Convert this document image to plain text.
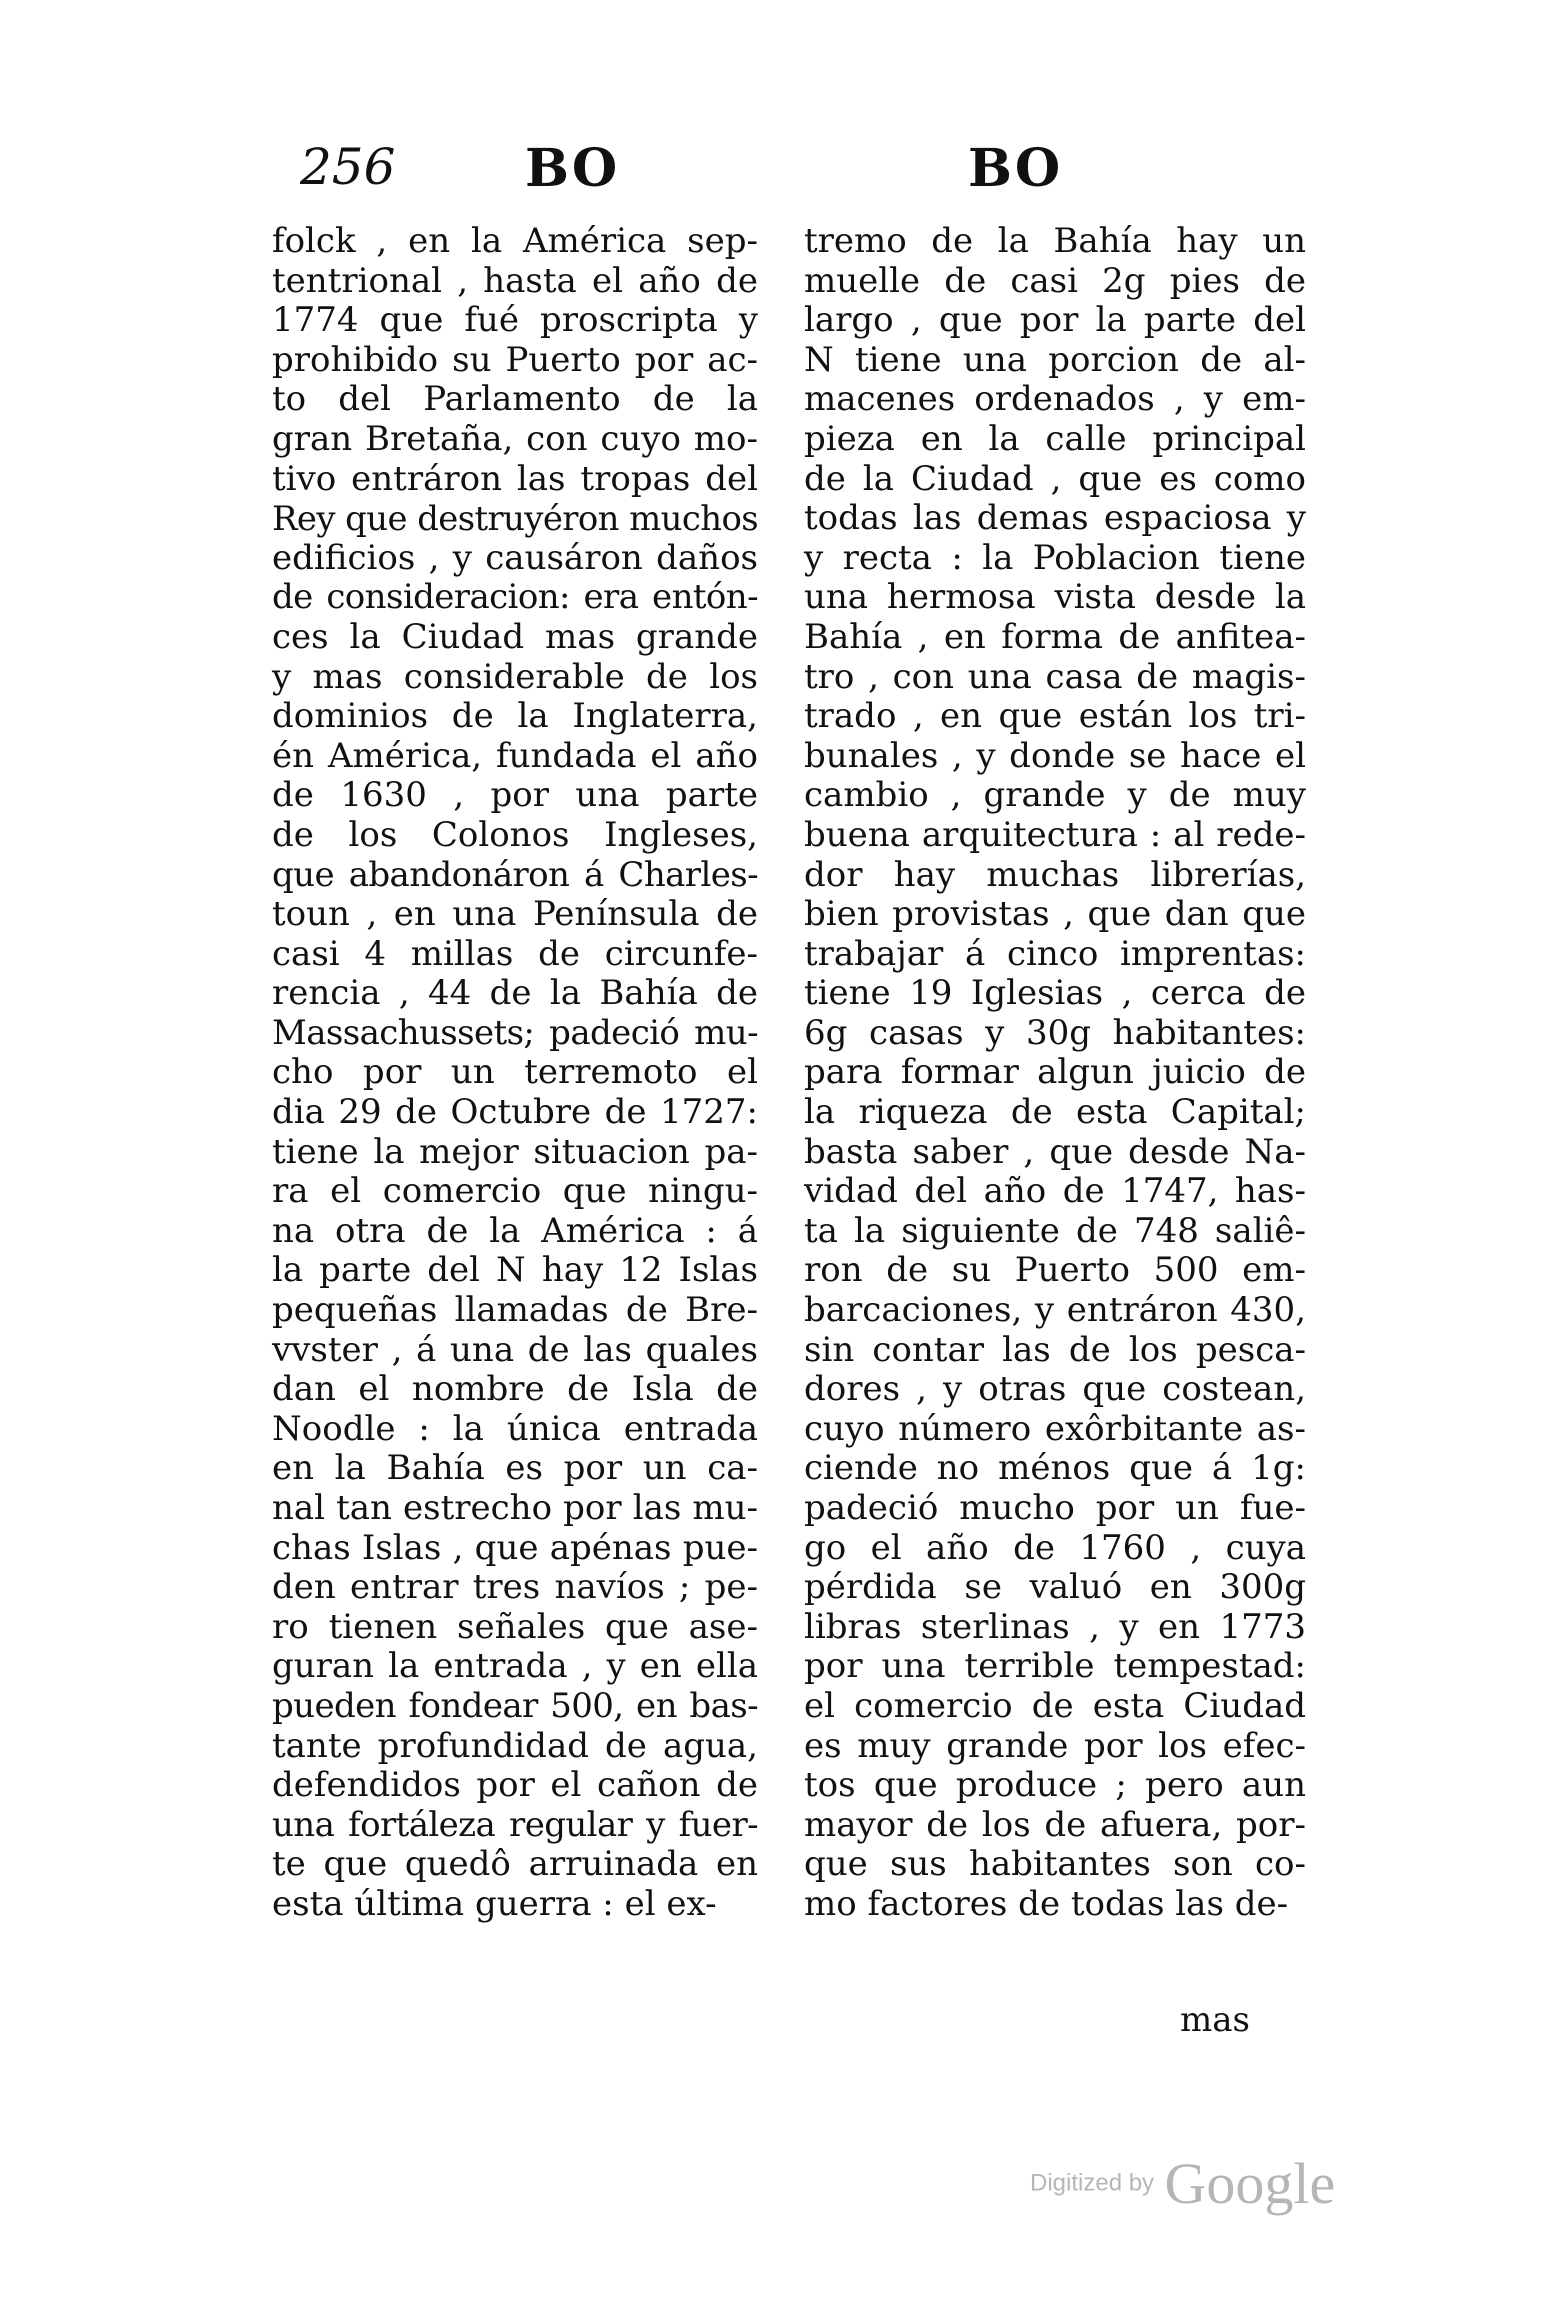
256 BO	BO
folck , en la América sep-
tentrional , hasta el año de
1774 que fué proscripta y
prohibido su Puerto por ac-
to del Parlamento de la
gran Bretaña, con cuyo mo-
tivo entráron las tropas del
Rey que destruyéron muchos
edificios , y causáron daños
de consideracion: era entón-
ces la Ciudad mas grande
y mas considerable de los
dominios de la Inglaterra,
én América, fundada el año
de 1630 , por una parte
de los Colonos Ingleses,
que abandonáron á Charles-
toun , en una Península de
casi 4 millas de circunfe-
rencia , 44 de la Bahía de
Massachussets; padeció mu-
cho por un terremoto el
dia 29 de Octubre de 1727:
tiene la mejor situacion pa-
ra el comercio que ningu-
na otra de la América : á
la parte del N hay 12 Islas
pequeñas llamadas de Bre-
vvster , á una de las quales
dan el nombre de Isla de
Noodle : la única entrada
en la Bahía es por un ca-
nal tan estrecho por las mu-
chas Islas , que apénas pue-
den entrar tres navíos ; pe-
ro tienen señales que ase-
guran la entrada , y en ella
pueden fondear 500, en bas-
tante profundidad de agua,
defendidos por el cañon de
una fortáleza regular y fuer-
te que quedô arruinada en
esta última guerra : el ex-
tremo de la Bahía hay un
muelle de casi 2g pies de
largo , que por la parte del
N tiene una porcion de al-
macenes ordenados , y em-
pieza en la calle principal
de la Ciudad , que es como
todas las demas espaciosa y
y recta : la Poblacion tiene
una hermosa vista desde la
Bahía , en forma de anfitea-
tro , con una casa de magis-
trado , en que están los tri-
bunales , y donde se hace el
cambio , grande y de muy
buena arquitectura : al rede-
dor hay muchas librerías,
bien provistas , que dan que
trabajar á cinco imprentas:
tiene 19 Iglesias , cerca de
6g casas y 30g habitantes:
para formar algun juicio de
la riqueza de esta Capital;
basta saber , que desde Na-
vidad del año de 1747, has-
ta la siguiente de 748 saliê-
ron de su Puerto 500 em-
barcaciones, y entráron 430,
sin contar las de los pesca-
dores , y otras que costean,
cuyo número exôrbitante as-
ciende no ménos que á 1g:
padeció mucho por un fue-
go el año de 1760 , cuya
pérdida se valuó en 300g
libras sterlinas , y en 1773
por una terrible tempestad:
el comercio de esta Ciudad
es muy grande por los efec-
tos que produce ; pero aun
mayor de los de afuera, por-
que sus habitantes son co-
mo factores de todas las de-
mas
Digitized by Google
